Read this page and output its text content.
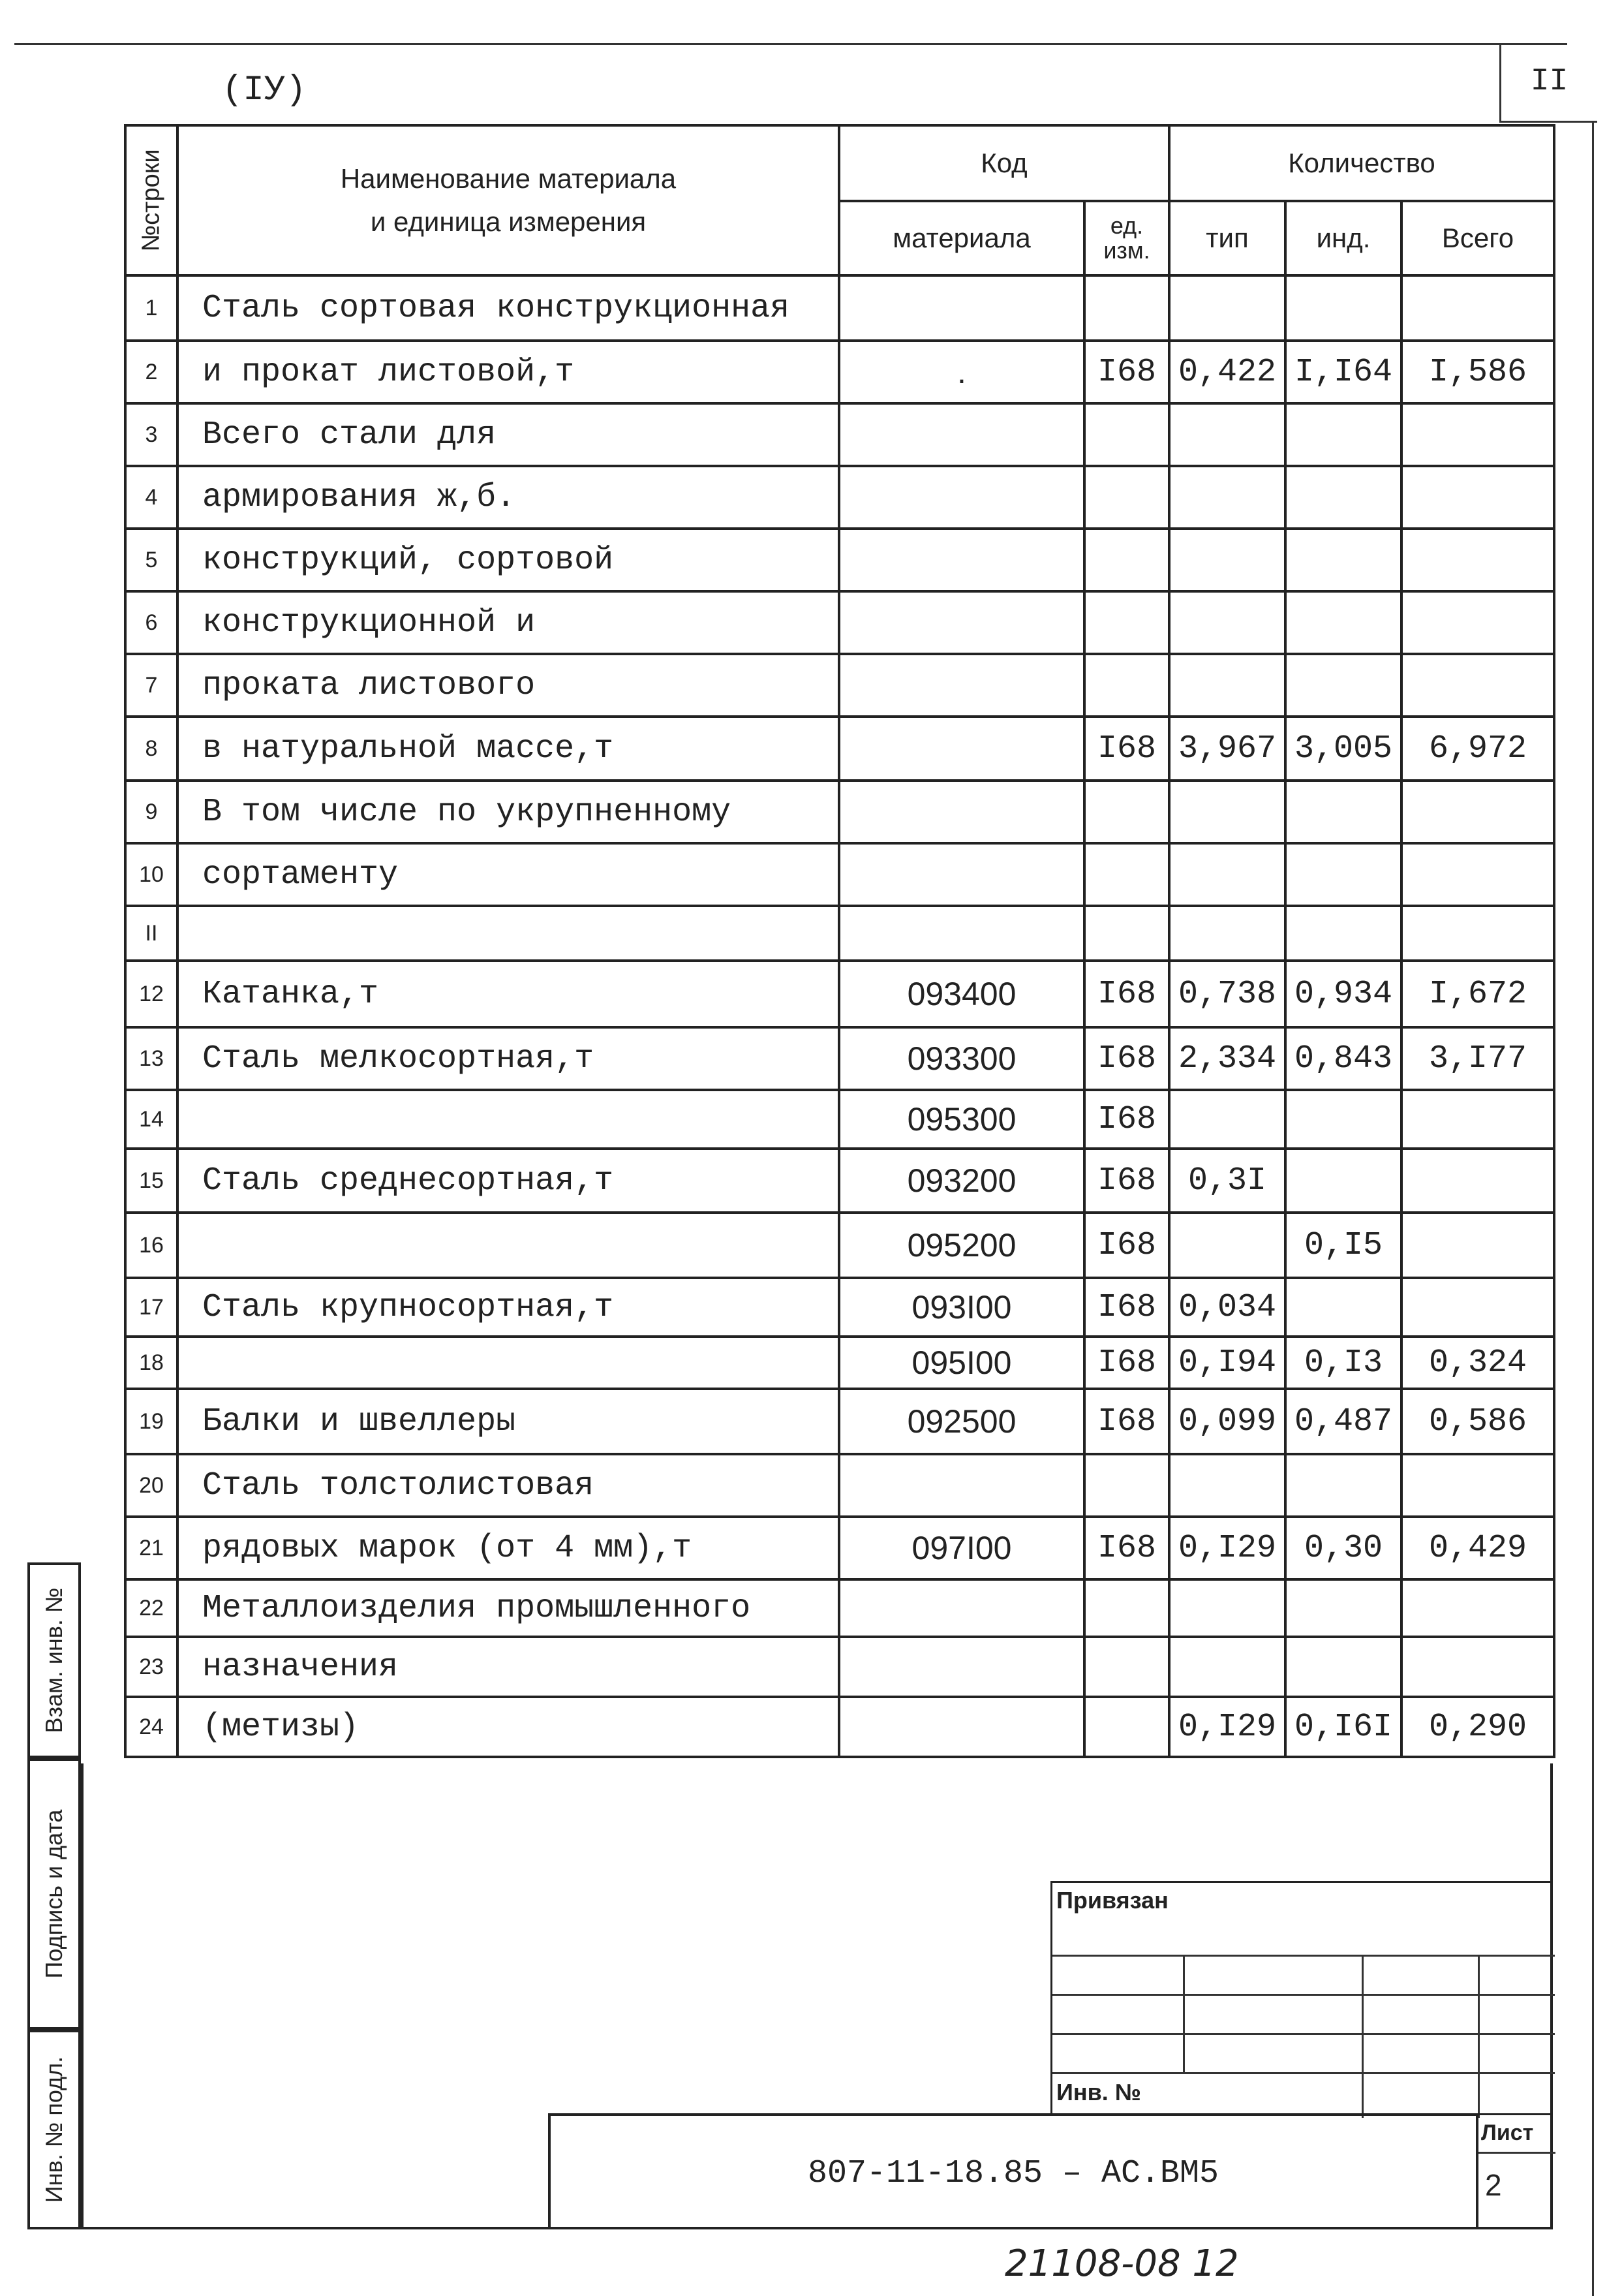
II
(IУ)
№строки	Наименование материала
и единица измерения	Код		Количество		
		материала	ед. изм.	тип	инд.	Всего
1	Сталь сортовая конструкционная					
2	и прокат листовой,т	.	I68	0,422	I,I64	I,586
3	Всего стали для					
4	армирования ж,б.					
5	конструкций, сортовой					
6	конструкционной и					
7	проката листового					
8	в натуральной массе,т		I68	3,967	3,005	6,972
9	В том числе по укрупненному					
10	сортаменту					
II						
12	Катанка,т	093400	I68	0,738	0,934	I,672
13	Сталь мелкосортная,т	093300	I68	2,334	0,843	3,I77
14		095300	I68			
15	Сталь среднесортная,т	093200	I68	0,3I		
16		095200	I68		0,I5	
17	Сталь крупносортная,т	093I00	I68	0,034		
18		095I00	I68	0,I94	0,I3	0,324
19	Балки и швеллеры	092500	I68	0,099	0,487	0,586
20	Сталь толстолистовая					
21	рядовых марок (от 4 мм),т	097I00	I68	0,I29	0,30	0,429
22	Металлоизделия промышленного					
23	назначения					
24	(метизы)			0,I29	0,I6I	0,290
Взам. инв. №
Подпись и дата
Инв. № подл.
Привязан
Инв. №
807-11-18.85 – АС.ВМ5
Лист
2
21108-08 12
